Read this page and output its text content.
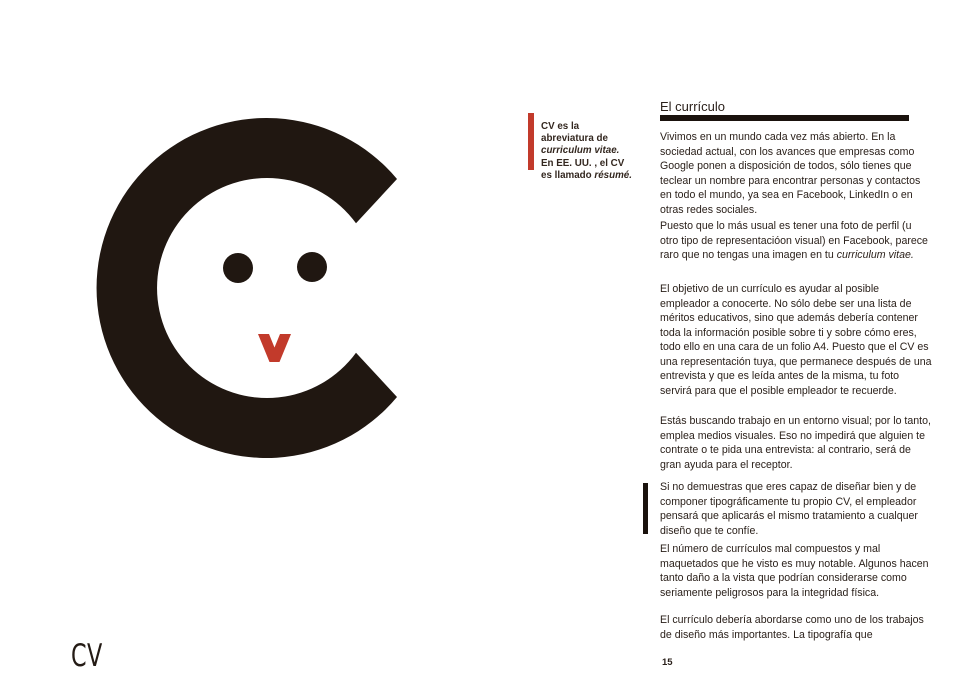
CV es la
abreviatura de
curriculum vitae.
En EE. UU. , el CV
es llamado résumé.
El currículo

Vivimos en un mundo cada vez más abierto. En la sociedad actual, con los avances que empresas como Google ponen a disposición de todos, sólo tienes que teclear un nombre para encontrar personas y contactos en todo el mundo, ya sea en Facebook, LinkedIn o en otras redes sociales.

Puesto que lo más usual es tener una foto de perfil (u otro tipo de representacióon visual) en Facebook, parece raro que no tengas una imagen en tu curriculum vitae.

El objetivo de un currículo es ayudar al posible empleador a conocerte. No sólo debe ser una lista de méritos educativos, sino que además debería contener toda la información posible sobre ti y sobre cómo eres, todo ello en una cara de un folio A4. Puesto que el CV es una representación tuya, que permanece después de una entrevista y que es leída antes de la misma, tu foto servirá para que el posible empleador te recuerde.

Estás buscando trabajo en un entorno visual; por lo tanto, emplea medios visuales. Eso no impedirá que alguien te contrate o te pida una entrevista: al contrario, será de gran ayuda para el receptor.

Si no demuestras que eres capaz de diseñar bien y de componer tipográficamente tu propio CV, el empleador pensará que aplicarás el mismo tratamiento a cualquer diseño que te confíe.

El número de currículos mal compuestos y mal maquetados que he visto es muy notable. Algunos hacen tanto daño a la vista que podrían considerarse como seriamente peligrosos para la integridad física.

El currículo debería abordarse como uno de los trabajos de diseño más importantes. La tipografía que

15
CV
